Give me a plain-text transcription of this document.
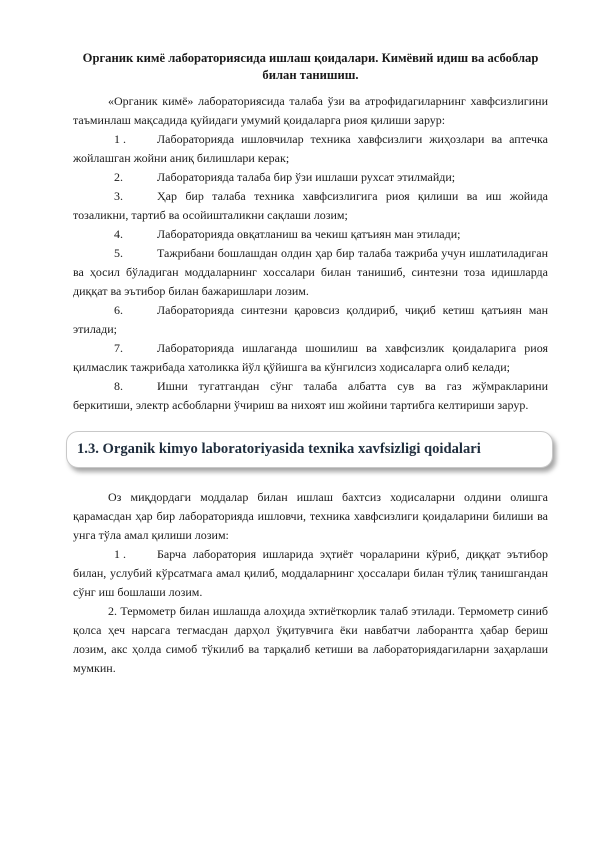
Органик кимё лабораториясида ишлаш қоидалари. Кимёвий идиш ва асбоблар билан танишиш.

«Органик кимё» лабораториясида талаба ўзи ва атрофидагиларнинг хавфсизлигини таъминлаш мақсадида қуйидаги умумий қоидаларга риоя қилиши зарур:

1 .	Лабораторияда ишловчилар техника хавфсизлиги жиҳозлари ва аптечка жойлашган жойни аниқ билишлари керак;

2.	Лабораторияда талаба бир ўзи ишлаши рухсат этилмайди;

3.	Ҳар бир талаба техника хавфсизлигига риоя қилиши ва иш жойида тозаликни, тартиб ва осойишталикни сақлаши лозим;

4.	Лабораторияда овқатланиш ва чекиш қатъиян ман этилади;

5.	Тажрибани бошлашдан олдин ҳар бир талаба тажриба учун ишлатиладиган ва ҳосил бўладиган моддаларнинг хоссалари билан танишиб, синтезни тоза идишларда диққат ва эътибор билан бажаришлари лозим.

6.	Лабораторияда синтезни қаровсиз қолдириб, чиқиб кетиш қатъиян ман этилади;

7.	Лабораторияда ишлаганда шошилиш ва хавфсизлик қоидаларига риоя қилмаслик тажрибада хатоликка йўл қўйишга ва кўнгилсиз ходисаларга олиб келади;

8.	Ишни тугатгандан сўнг талаба албатта сув ва газ жўмракларини беркитиши, электр асбобларни ўчириш ва нихоят иш жойини тартибга келтириши зарур.

1.3. Organik kimyo laboratoriyasida texnika xavfsizligi qoidalari

Оз миқдордаги моддалар билан ишлаш бахтсиз ходисаларни олдини олишга қарамасдан ҳар бир лабораторияда ишловчи, техника хавфсизлиги қоидаларини билиши ва унга тўла амал қилиши лозим:

1 .	Барча лаборатория ишларида эҳтиёт чораларини кўриб, диққат эътибор билан, услубий кўрсатмага амал қилиб, моддаларнинг ҳоссалари билан тўлиқ танишгандан сўнг иш бошлаши лозим.

2. Термометр билан ишлашда алоҳида эхтиёткорлик талаб этилади. Термометр синиб қолса ҳеч нарсага тегмасдан дарҳол ўқитувчига ёки навбатчи лаборантга ҳабар бериш лозим, акс ҳолда симоб тўкилиб ва тарқалиб кетиши ва лабораториядагиларни заҳарлаши мумкин.
